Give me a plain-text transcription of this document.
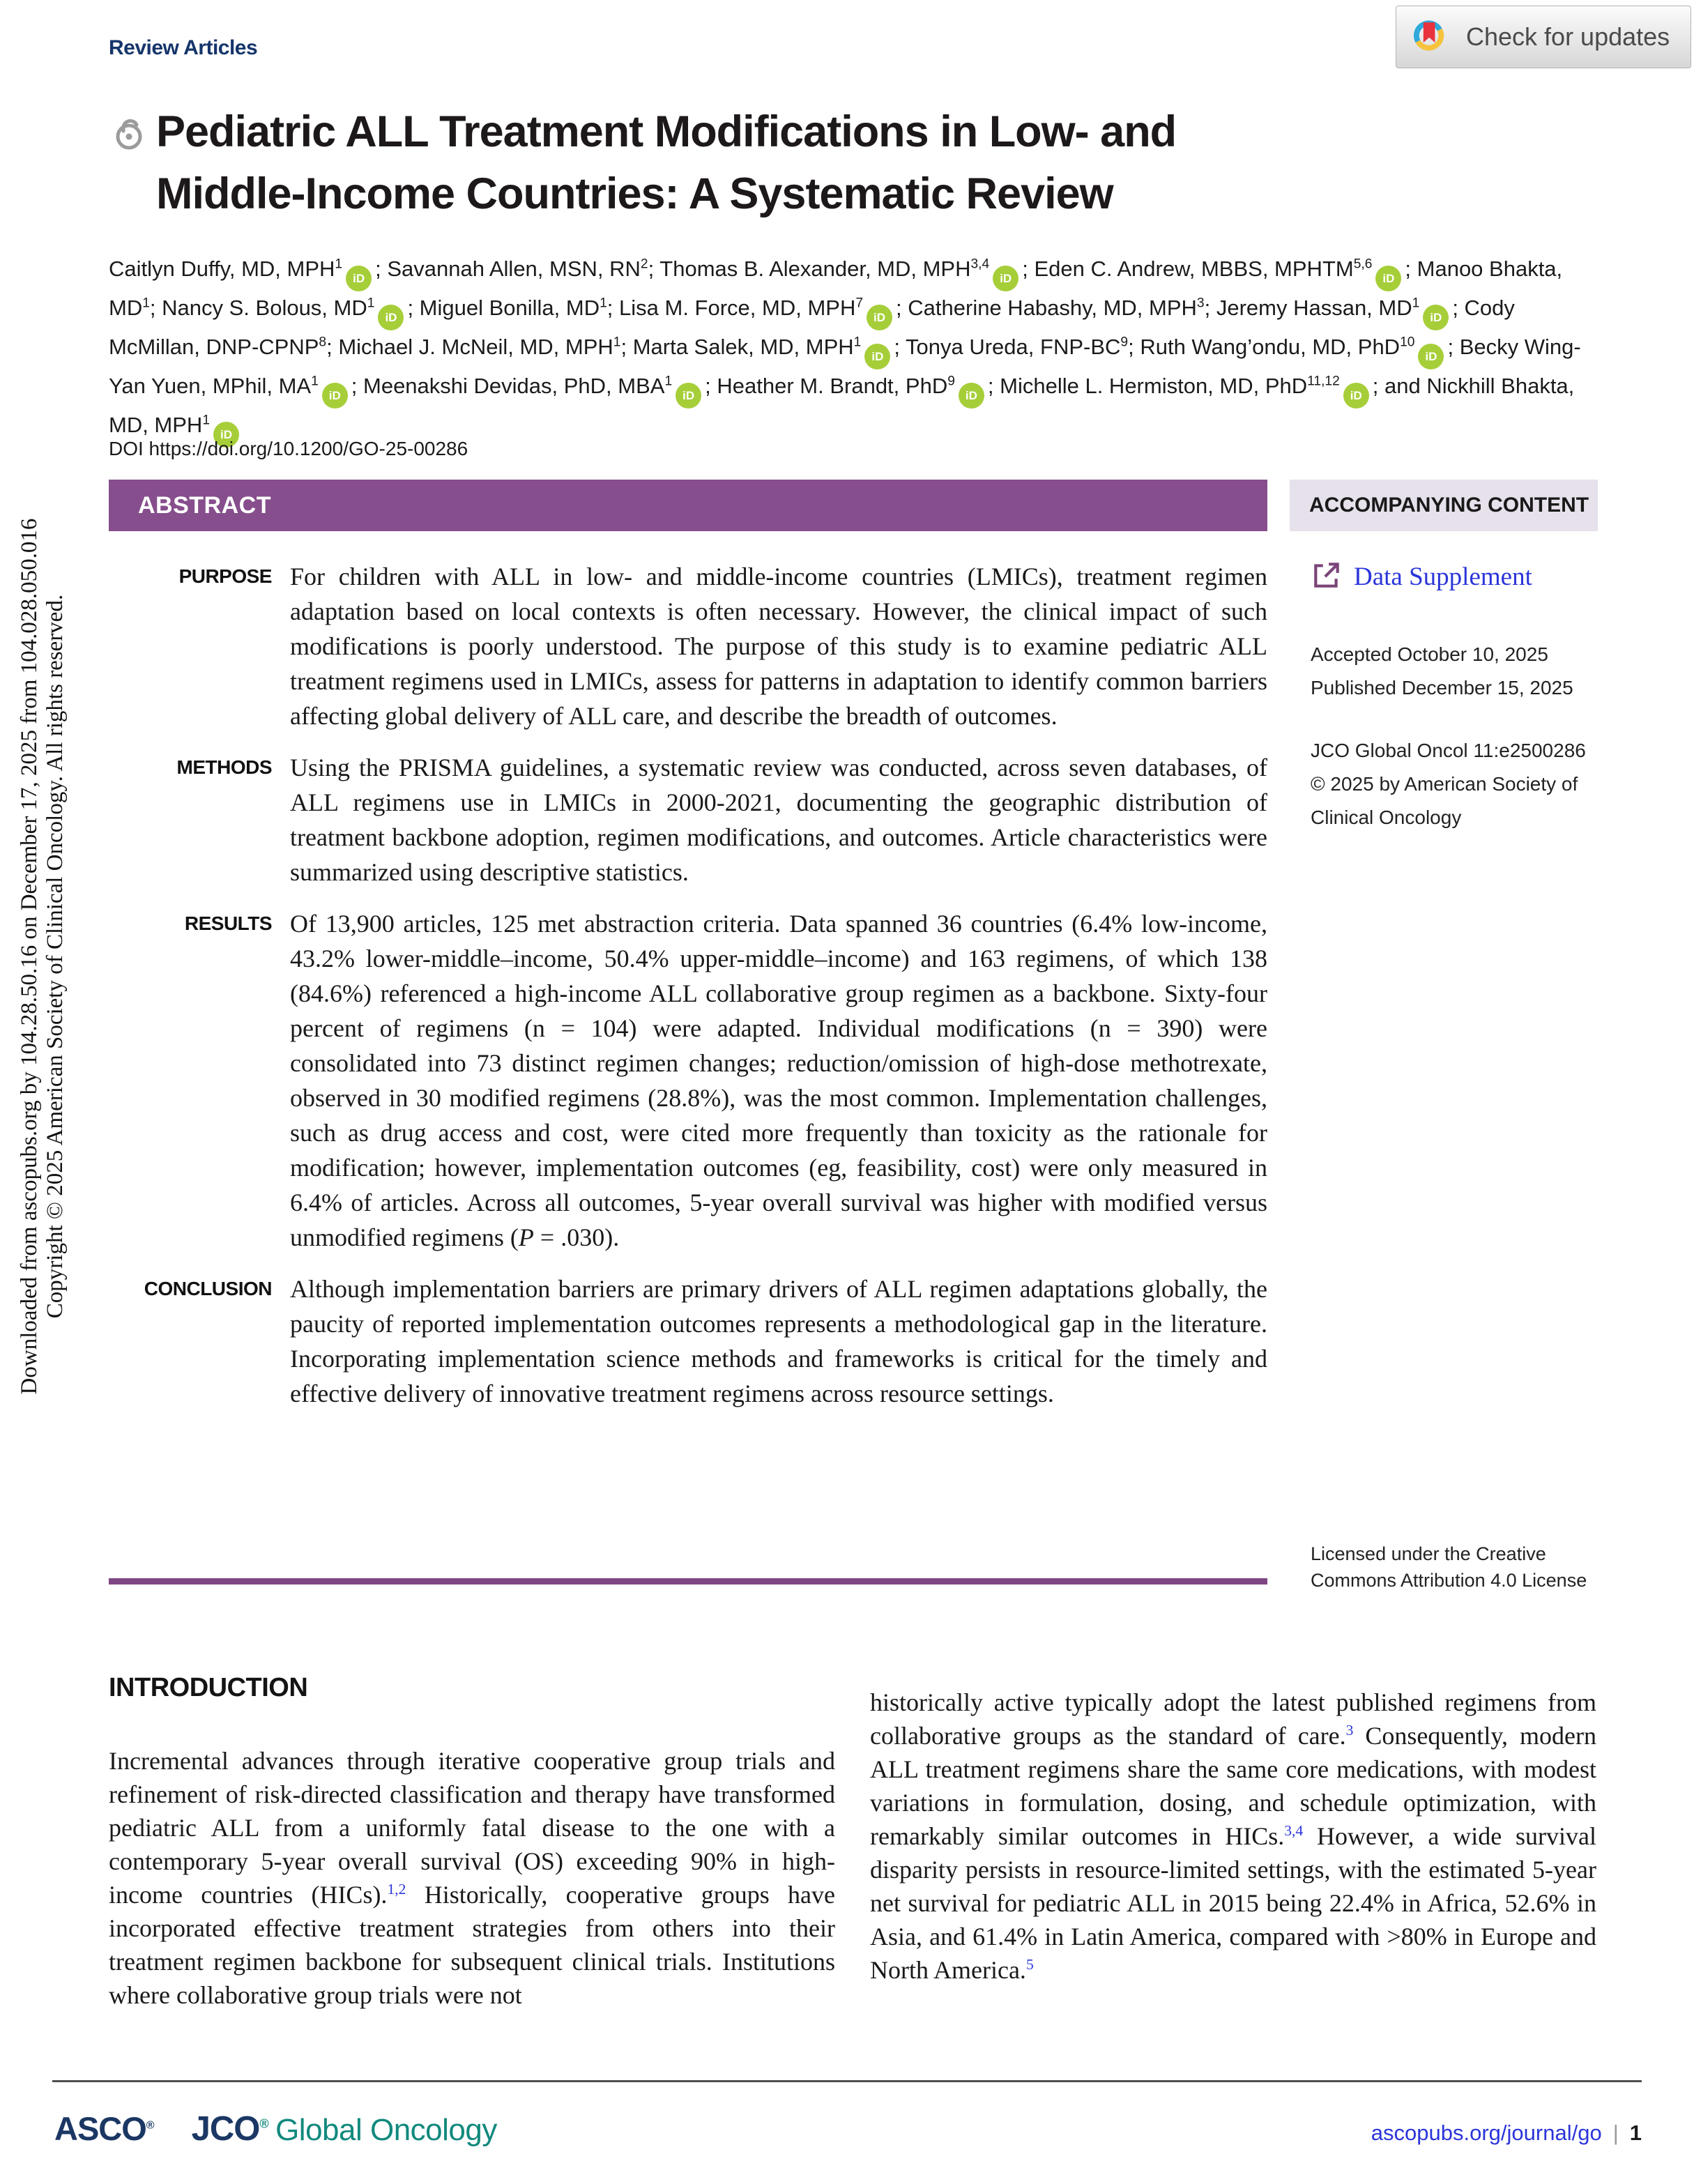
Downloaded from ascopubs.org by 104.28.50.16 on December 17, 2025 from 104.028.050.016 Copyright © 2025 American Society of Clinical Oncology. All rights reserved.
Review Articles	Check for updates
Pediatric ALL Treatment Modifications in Low- and
Middle-Income Countries: A Systematic Review
Caitlyn Duffy, MD, MPH$^1$iD ; Savannah Allen, MSN, $RN^2$; Thomas B. Alexander, MD, MPH$^{3,4}$iD ; Eden C. Andrew, MBBS, MPHTM$^{5,6}$iD ; Manoo Bhakta, $MD^1$; Nancy S. Bolous, $MD^1iD$ ; Miguel Bonilla, $MD^1$; Lisa M. Force, MD, MPH$^7$iD ; Catherine Habashy, MD, MPH$^3$; Jeremy Hassan, $MD^1iD$ ; Cody McMillan, DNP-CPNP$^8$; Michael J. McNeil, MD, MPH$^1$; Marta Salek, MD, MPH$^1$iD ; Tonya Ureda, FNP-$BC^9$; Ruth Wang’ondu, MD, PhD$^{10}$iD ; Becky Wing-Yan Yuen, MPhil, $MA^1iD$ ; Meenakshi Devidas, PhD, MBA$^1$iD ; Heather M. Brandt, PhD$^9$iD ; Michelle L. Hermiston, MD, PhD$^{11,12}$iD ; and Nickhill Bhakta, MD, MPH$^1$iD
DOI https://doi.org/10.1200/GO-25-00286
ABSTRACT	ACCOMPANYING CONTENT
PURPOSE For children with ALL in low- and middle-income countries (LMICs), treatment regimen adaptation based on local contexts is often necessary. However, the clinical impact of such modifications is poorly understood. The purpose of this study is to examine pediatric ALL treatment regimens used in LMICs, assess for patterns in adaptation to identify common barriers affecting global delivery of ALL care, and describe the breadth of outcomes.
METHODS Using the PRISMA guidelines, a systematic review was conducted, across seven databases, of ALL regimens use in LMICs in 2000-2021, documenting the geographic distribution of treatment backbone adoption, regimen modifications, and outcomes. Article characteristics were summarized using descriptive statistics.
RESULTS Of 13,900 articles, 125 met abstraction criteria. Data spanned 36 countries (6.4% low-income, 43.2% lower-middle–income, 50.4% upper-middle–income) and 163 regimens, of which 138 (84.6%) referenced a high-income ALL collaborative group regimen as a backbone. Sixty-four percent of regimens (n = 104) were adapted. Individual modifications (n = 390) were consolidated into 73 distinct regimen changes; reduction/omission of high-dose methotrexate, observed in 30 modified regimens (28.8%), was the most common. Implementation challenges, such as drug access and cost, were cited more frequently than toxicity as the rationale for modification; however, implementation outcomes (eg, feasibility, cost) were only measured in 6.4% of articles. Across all outcomes, 5-year overall survival was higher with modified versus unmodified regimens (P = .030).
CONCLUSION Although implementation barriers are primary drivers of ALL regimen adaptations globally, the paucity of reported implementation outcomes represents a methodological gap in the literature. Incorporating implementation science methods and frameworks is critical for the timely and effective delivery of innovative treatment regimens across resource settings.
Data Supplement
Accepted October 10, 2025
Published December 15, 2025
JCO Global Oncol 11:e2500286
© 2025 by American Society of Clinical Oncology
Licensed under the Creative Commons Attribution 4.0 License
INTRODUCTION
Incremental advances through iterative cooperative group trials and refinement of risk-directed classification and therapy have transformed pediatric ALL from a uniformly fatal disease to the one with a contemporary 5-year overall survival (OS) exceeding 90% in high-income countries (HICs).$^{1,2}$ Historically, cooperative groups have incorporated effective treatment strategies from others into their treatment regimen backbone for subsequent clinical trials. Institutions where collaborative group trials were not
historically active typically adopt the latest published regimens from collaborative groups as the standard of care.$^3$ Consequently, modern ALL treatment regimens share the same core medications, with modest variations in formulation, dosing, and schedule optimization, with remarkably similar outcomes in HICs.$^{3,4}$ However, a wide survival disparity persists in resource-limited settings, with the estimated 5-year net survival for pediatric ALL in 2015 being 22.4% in Africa, 52.6% in Asia, and 61.4% in Latin America, compared with >80% in Europe and North America.$^5$
ASCO® JCO® Global Oncology	ascopubs.org/journal/go | 1
